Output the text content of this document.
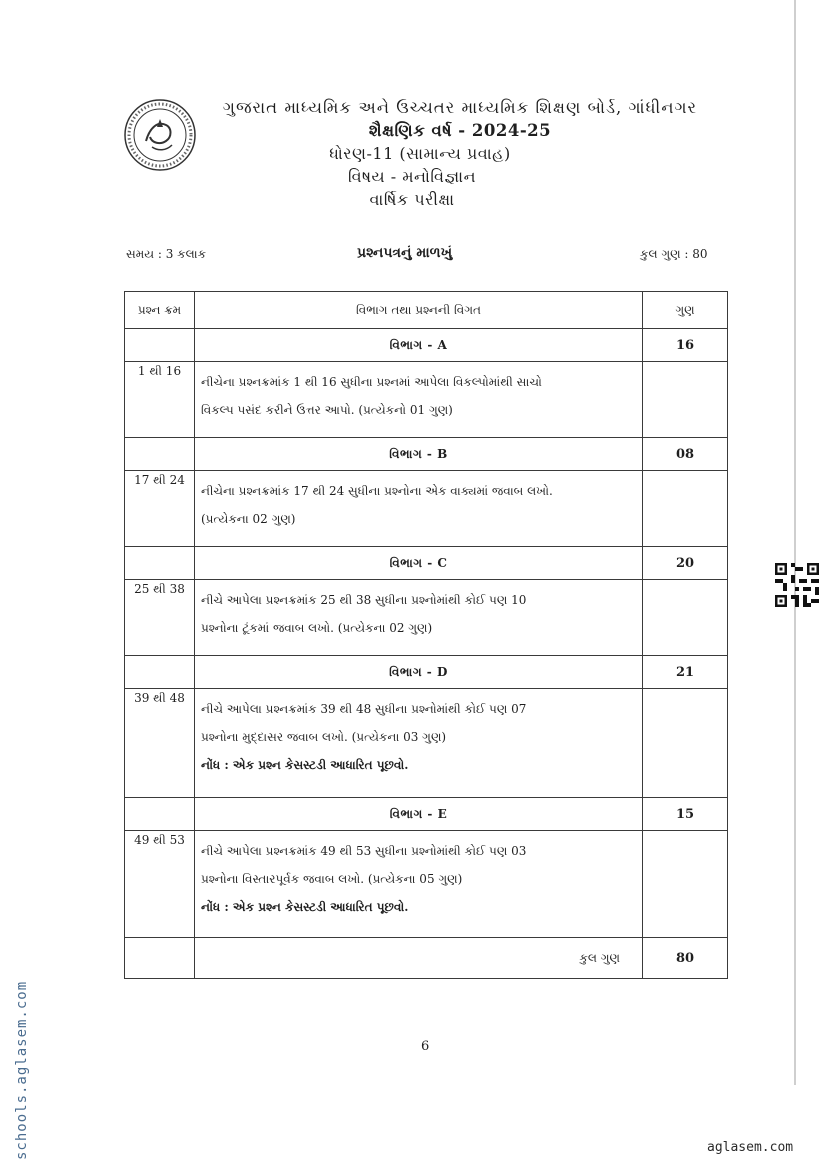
ગુજરાત માધ્યમિક અને ઉચ્ચતર માધ્યમિક શિક્ષણ બોર્ડ, ગાંધીનગર
શૈક્ષણિક વર્ષ - 2024-25
ધોરણ-11 (સામાન્ય પ્રવાહ)
વિષય - મનોવિજ્ઞાન
વાર્ષિક પરીક્ષા
સમય : 3 કલાક	પ્રશ્નપત્રનું માળખું	કુલ ગુણ : 80
પ્રશ્ન ક્રમ	વિભાગ તથા પ્રશ્નની વિગત	ગુણ
	વિભાગ - A	16
1 થી 16	નીચેના પ્રશ્નક્રમાંક 1 થી 16 સુધીના પ્રશ્નમાં આપેલા વિકલ્પોમાંથી સાચો
વિકલ્પ પસંદ કરીને ઉત્તર આપો. (પ્રત્યેકનો 01 ગુણ)	
	વિભાગ - B	08
17 થી 24	નીચેના પ્રશ્નક્રમાંક 17 થી 24 સુધીના પ્રશ્નોના એક વાક્યમાં જવાબ લખો.
(પ્રત્યેકના 02 ગુણ)	
	વિભાગ - C	20
25 થી 38	નીચે આપેલા પ્રશ્નક્રમાંક 25 થી 38 સુધીના પ્રશ્નોમાંથી કોઈ પણ 10
પ્રશ્નોના ટૂંકમાં જવાબ લખો. (પ્રત્યેકના 02 ગુણ)	
	વિભાગ - D	21
39 થી 48	નીચે આપેલા પ્રશ્નક્રમાંક 39 થી 48 સુધીના પ્રશ્નોમાંથી કોઈ પણ 07
પ્રશ્નોના મુદ્દાસર જવાબ લખો. (પ્રત્યેકના 03 ગુણ)
નોંધ : એક પ્રશ્ન કેસસ્ટડી આધારિત પૂછવો.	

	વિભાગ - E	15
49 થી 53	નીચે આપેલા પ્રશ્નક્રમાંક 49 થી 53 સુધીના પ્રશ્નોમાંથી કોઈ પણ 03
પ્રશ્નોના વિસ્તારપૂર્વક જવાબ લખો. (પ્રત્યેકના 05 ગુણ)
નોંધ : એક પ્રશ્ન કેસસ્ટડી આધારિત પૂછવો.	

	કુલ ગુણ	80
6
schools.aglasem.com	aglasem.com
